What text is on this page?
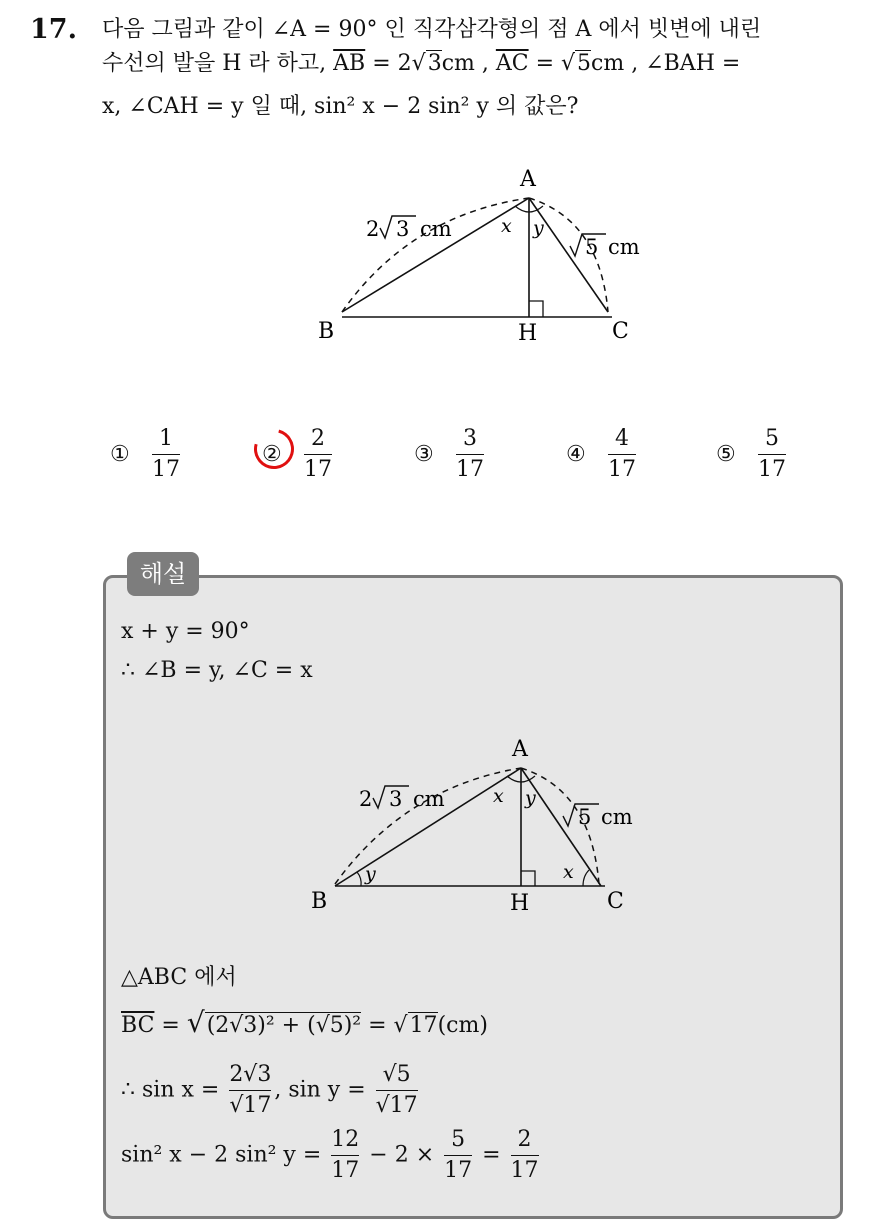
17. 다음 그림과 같이 ∠A = 90° 인 직각삼각형의 점 A 에서 빗변에 내린
수선의 발을 H 라 하고, $\overline{AB} = 2√3cm$ , $\overline{AC} = √5cm$ , ∠BAH =
x, ∠CAH = y 일 때, sin² x − 2 sin² y 의 값은?
A
B	C
H
x y
2 3 cm
5 cm
①
1
17
②
2
17
③
3
17
④
4
17
⑤
5
17
해설
x + y = 90°
∴ ∠B = y, ∠C = x
A
B	C
H
x y
y	x
2 3 cm
5 cm
△ABC 에서
$\overline{BC} = √(2√3)^2 + (√5)^2 = √17(cm)$
∴ $\sin x = \frac{2√3}{√17}$ , $\sin y = \frac{√5}{√17}$
sin² x − 2 sin² $y = \frac{12}{17} - 2 \times \frac{5}{17} = \frac{2}{17}$
